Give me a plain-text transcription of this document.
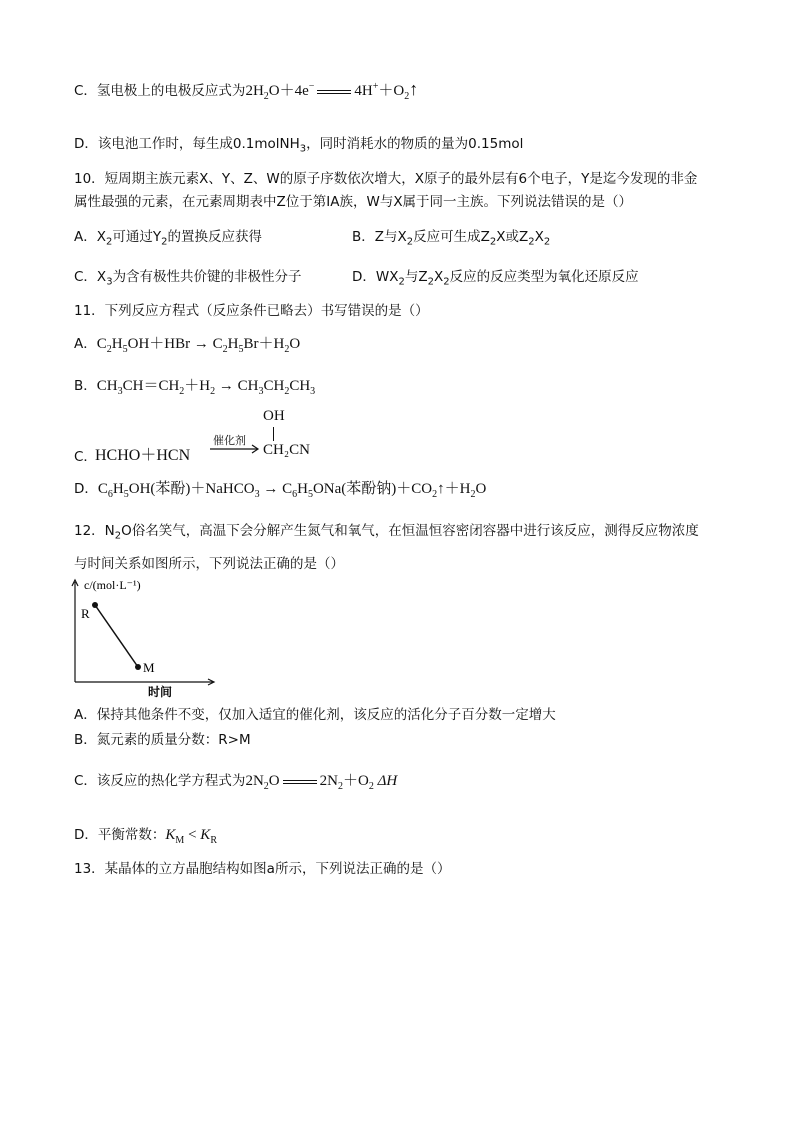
C．氢电极上的电极反应式为$2H_2O+4e^-$	$4H^++O_2↑$
D．该电池工作时，每生成0.1molNH$_3$，同时消耗水的物质的量为0.15mol
10．短周期主族元素X、Y、Z、W的原子序数依次增大，X原子的最外层有6个电子，Y是迄今发现的非金
属性最强的元素，在元素周期表中Z位于第ⅠA族，W与X属于同一主族。下列说法错误的是（）
A．$X_2$可通过$Y_2$的置换反应获得	B．Z与$X_2$反应可生成$Z_2X$或$Z_2X_2$
C．$X_3$为含有极性共价键的非极性分子	D．$WX_2$与$Z_2X_2$反应的反应类型为氧化还原反应
11．下列反应方程式（反应条件已略去）书写错误的是（）
A．$C_2H_5OH+HBr \to C_2H_5Br+H_2O$
B．$CH_3CH=CH_2+H_2 \to CH_3CH_2CH_3$
C．
HCHO＋HCN
催化剂
OH
CH₂CN
D．$C_6H_5OH$(苯酚)＋NaHCO$_3$ → $C_6H_5ONa$(苯酚钠)$+CO_2↑+H_2O$
12．$N_2O$俗名笑气，高温下会分解产生氮气和氧气，在恒温恒容密闭容器中进行该反应，测得反应物浓度
与时间关系如图所示，下列说法正确的是（）
c/(mol·L⁻¹)
R
M
时间
A．保持其他条件不变，仅加入适宜的催化剂，该反应的活化分子百分数一定增大
B．氮元素的质量分数：R>M
C．该反应的热化学方程式为$2N_2O$	$2N_2+O_2$ ΔH
D．平衡常数：$K_M < K_R$
13．某晶体的立方晶胞结构如图a所示，下列说法正确的是（）
